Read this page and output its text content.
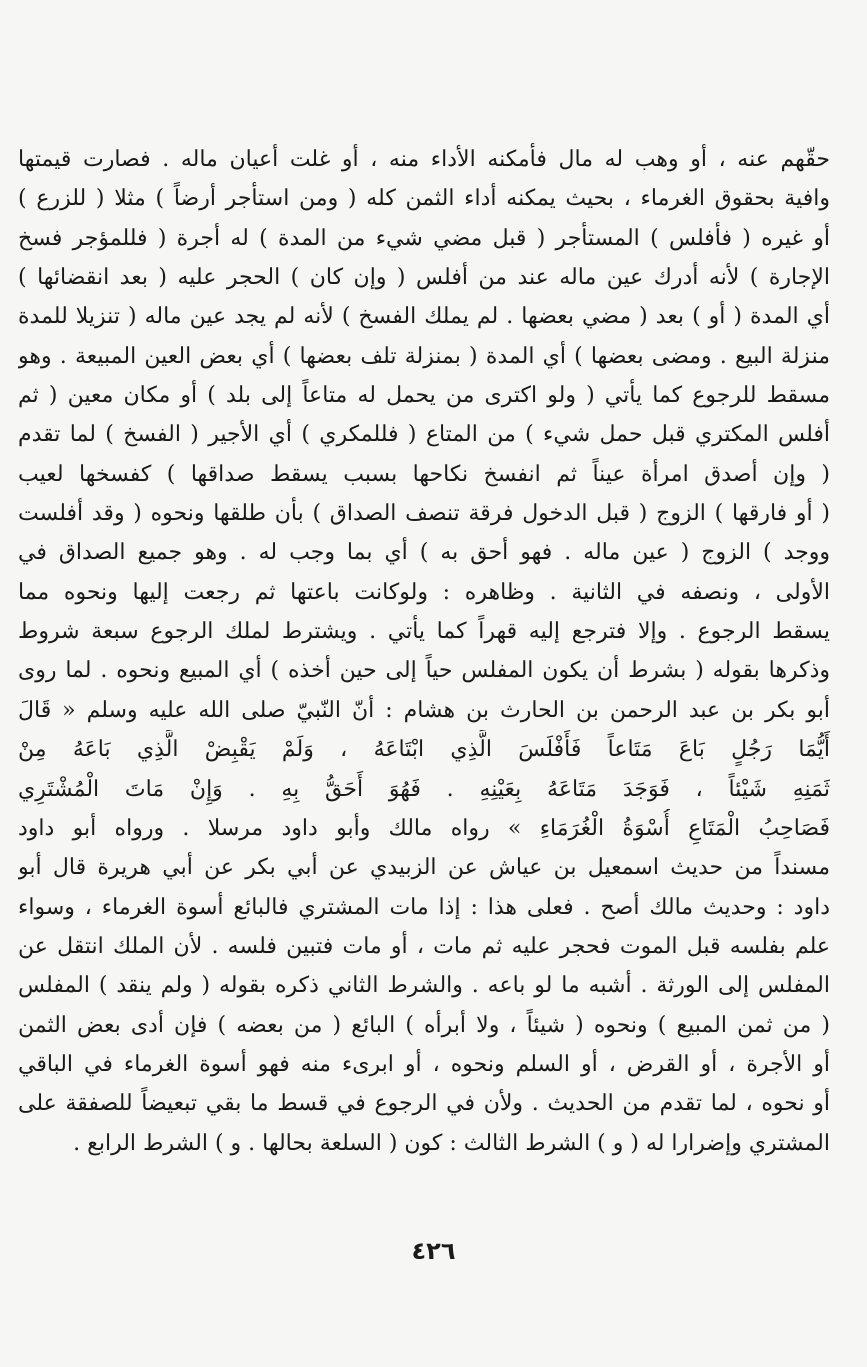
حقّهم عنه ، أو وهب له مال فأمكنه الأداء منه ، أو غلت أعيان ماله . فصارت قيمتها
وافية بحقوق الغرماء ، بحيث يمكنه أداء الثمن كله ( ومن استأجر أرضاً ) مثلا ( للزرع )
أو غيره ( فأفلس ) المستأجر ( قبل مضي شيء من المدة ) له أجرة ( فللمؤجر فسخ
الإجارة ) لأنه أدرك عين ماله عند من أفلس ( وإن كان ) الحجر عليه ( بعد انقضائها )
أي المدة ( أو ) بعد ( مضي بعضها . لم يملك الفسخ ) لأنه لم يجد عين ماله ( تنزيلا للمدة
منزلة البيع . ومضى بعضها ) أي المدة ( بمنزلة تلف بعضها ) أي بعض العين المبيعة . وهو
مسقط للرجوع كما يأتي ( ولو اكترى من يحمل له متاعاً إلى بلد ) أو مكان معين ( ثم
أفلس المكتري قبل حمل شيء ) من المتاع ( فللمكري ) أي الأجير ( الفسخ ) لما تقدم
( وإن أصدق امرأة عيناً ثم انفسخ نكاحها بسبب يسقط صداقها ) كفسخها لعيب
( أو فارقها ) الزوج ( قبل الدخول فرقة تنصف الصداق ) بأن طلقها ونحوه ( وقد أفلست
ووجد ) الزوج ( عين ماله . فهو أحق به ) أي بما وجب له . وهو جميع الصداق في
الأولى ، ونصفه في الثانية . وظاهره : ولوكانت باعتها ثم رجعت إليها ونحوه مما
يسقط الرجوع . وإلا فترجع إليه قهراً كما يأتي . ويشترط لملك الرجوع سبعة شروط
وذكرها بقوله ( بشرط أن يكون المفلس حياً إلى حين أخذه ) أي المبيع ونحوه . لما روى
أبو بكر بن عبد الرحمن بن الحارث بن هشام : أنّ النّبيّ صلى الله عليه وسلم « قَالَ
أَيُّمَا رَجُلٍ بَاعَ مَتَاعاً فَأَفْلَسَ الَّذِي ابْتَاعَهُ ، وَلَمْ يَقْبِضْ الَّذِي بَاعَهُ مِنْ
ثَمَنِهِ شَيْئاً ، فَوَجَدَ مَتَاعَهُ بِعَيْنِهِ . فَهُوَ أَحَقُّ بِهِ . وَإِنْ مَاتَ الْمُشْتَرِي
فَصَاحِبُ الْمَتَاعِ أُسْوَةُ الْغُرَمَاءِ » رواه مالك وأبو داود مرسلا . ورواه أبو داود
مسنداً من حديث اسمعيل بن عياش عن الزبيدي عن أبي بكر عن أبي هريرة قال أبو
داود : وحديث مالك أصح . فعلى هذا : إذا مات المشتري فالبائع أسوة الغرماء ، وسواء
علم بفلسه قبل الموت فحجر عليه ثم مات ، أو مات فتبين فلسه . لأن الملك انتقل عن
المفلس إلى الورثة . أشبه ما لو باعه . والشرط الثاني ذكره بقوله ( ولم ينقد ) المفلس
( من ثمن المبيع ) ونحوه ( شيئاً ، ولا أبرأه ) البائع ( من بعضه ) فإن أدى بعض الثمن
أو الأجرة ، أو القرض ، أو السلم ونحوه ، أو ابرىء منه فهو أسوة الغرماء في الباقي
أو نحوه ، لما تقدم من الحديث . ولأن في الرجوع في قسط ما بقي تبعيضاً للصفقة على
المشتري وإضرارا له ( و ) الشرط الثالث : كون ( السلعة بحالها . و ) الشرط الرابع .
٤٢٦
